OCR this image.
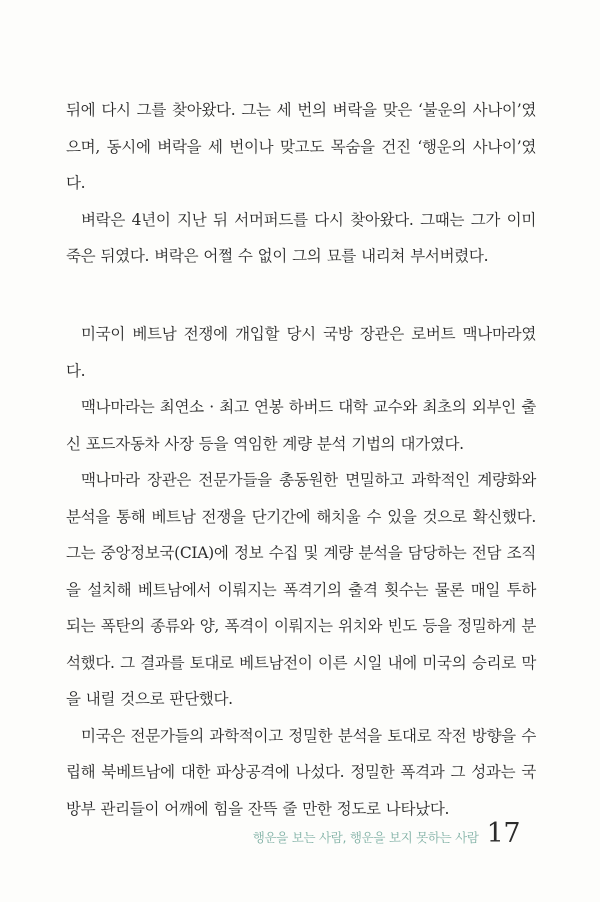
뒤에 다시 그를 찾아왔다. 그는 세 번의 벼락을 맞은 ‘불운의 사나이’였으며, 동시에 벼락을 세 번이나 맞고도 목숨을 건진 ‘행운의 사나이’였다.

벼락은 4년이 지난 뒤 서머퍼드를 다시 찾아왔다. 그때는 그가 이미 죽은 뒤였다. 벼락은 어쩔 수 없이 그의 묘를 내리쳐 부서버렸다.

미국이 베트남 전쟁에 개입할 당시 국방 장관은 로버트 맥나마라였다.

맥나마라는 최연소 · 최고 연봉 하버드 대학 교수와 최초의 외부인 출신 포드자동차 사장 등을 역임한 계량 분석 기법의 대가였다.

맥나마라 장관은 전문가들을 총동원한 면밀하고 과학적인 계량화와 분석을 통해 베트남 전쟁을 단기간에 해치울 수 있을 것으로 확신했다. 그는 중앙정보국(CIA)에 정보 수집 및 계량 분석을 담당하는 전담 조직을 설치해 베트남에서 이뤄지는 폭격기의 출격 횟수는 물론 매일 투하되는 폭탄의 종류와 양, 폭격이 이뤄지는 위치와 빈도 등을 정밀하게 분석했다. 그 결과를 토대로 베트남전이 이른 시일 내에 미국의 승리로 막을 내릴 것으로 판단했다.

미국은 전문가들의 과학적이고 정밀한 분석을 토대로 작전 방향을 수립해 북베트남에 대한 파상공격에 나섰다. 정밀한 폭격과 그 성과는 국방부 관리들이 어깨에 힘을 잔뜩 줄 만한 정도로 나타났다.

행운을 보는 사람, 행운을 보지 못하는 사람 17
